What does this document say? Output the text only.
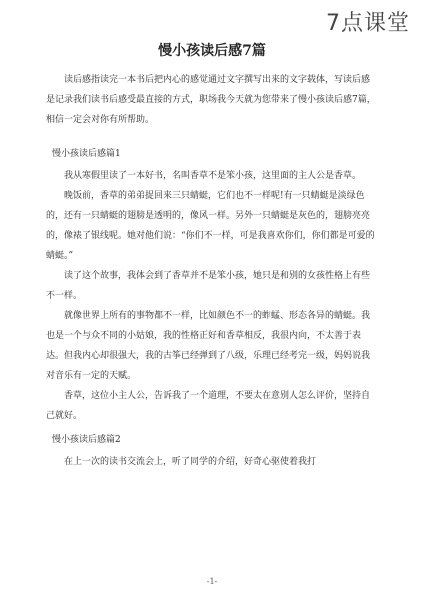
7点课堂
慢小孩读后感7篇

读后感指读完一本书后把内心的感觉通过文字撰写出来的文字载体，写读后感是记录我们读书后感受最直接的方式，职场我今天就为您带来了慢小孩读后感7篇，相信一定会对你有所帮助。

慢小孩读后感篇1

我从寒假里读了一本好书，名叫香草不是笨小孩，这里面的主人公是香草。

晚饭前，香草的弟弟捉回来三只蜻蜓，它们也不一样呢!有一只蜻蜓是淡绿色的，还有一只蜻蜓的翅膀是透明的，像风一样。另外一只蜻蜓是灰色的，翅膀亮亮的，像裱了银线呢。她对他们说：“你们不一样，可是我喜欢你们，你们都是可爱的蜻蜓。”

读了这个故事，我体会到了香草并不是笨小孩，她只是和别的女孩性格上有些不一样。

就像世界上所有的事物都不一样，比如颜色不一的蚱蜢、形态各异的蜻蜓。我也是一个与众不同的小姑娘，我的性格正好和香草相反，我很内向，不太善于表达。但我内心却很强大，我的古筝已经弹到了八级，乐理已经考完一级，妈妈说我对音乐有一定的天赋。

香草，这位小主人公，告诉我了一个道理，不要太在意别人怎么评价，坚持自己就好。

慢小孩读后感篇2

在上一次的读书交流会上，听了同学的介绍，好奇心驱使着我打

-1-
